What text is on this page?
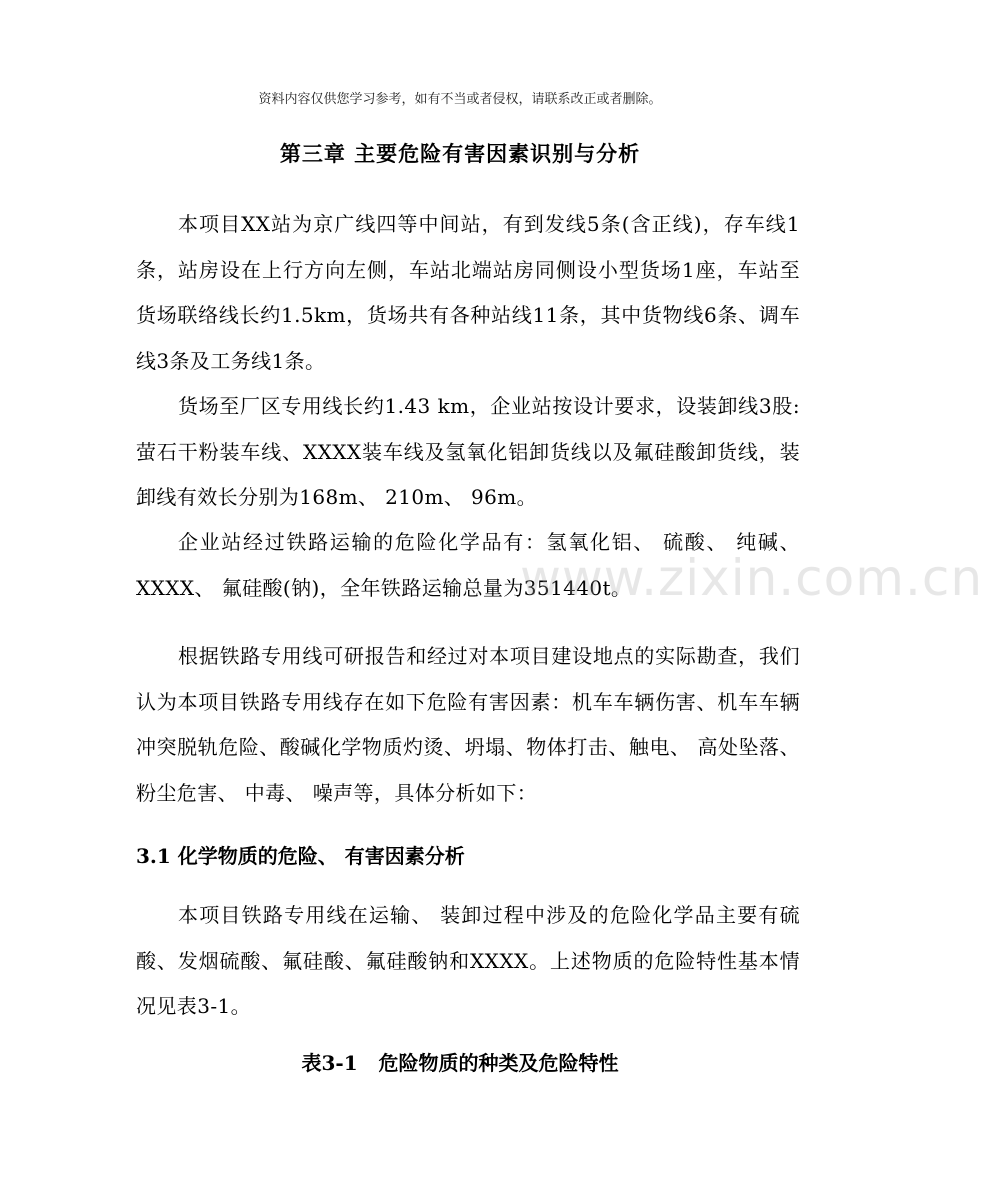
资料内容仅供您学习参考，如有不当或者侵权，请联系改正或者删除。
第三章 主要危险有害因素识别与分析

本项目XX站为京广线四等中间站，有到发线5条(含正线)，存车线1条，站房设在上行方向左侧，车站北端站房同侧设小型货场1座，车站至货场联络线长约1.5km，货场共有各种站线11条，其中货物线6条、调车线3条及工务线1条。

货场至厂区专用线长约1.43 km，企业站按设计要求，设装卸线3股:萤石干粉装车线、XXXX装车线及氢氧化铝卸货线以及氟硅酸卸货线，装卸线有效长分别为168m、 210m、 96m。

企业站经过铁路运输的危险化学品有：氢氧化铝、 硫酸、 纯碱、 XXXX、 氟硅酸(钠)，全年铁路运输总量为351440t。

根据铁路专用线可研报告和经过对本项目建设地点的实际勘查，我们认为本项目铁路专用线存在如下危险有害因素：机车车辆伤害、机车车辆冲突脱轨危险、酸碱化学物质灼烫、坍塌、物体打击、触电、 高处坠落、 粉尘危害、 中毒、 噪声等，具体分析如下：

3.1 化学物质的危险、 有害因素分析

本项目铁路专用线在运输、 装卸过程中涉及的危险化学品主要有硫酸、发烟硫酸、氟硅酸、氟硅酸钠和XXXX。上述物质的危险特性基本情况见表3-1。

表3-1   危险物质的种类及危险特性
www.zixin.com.cn
